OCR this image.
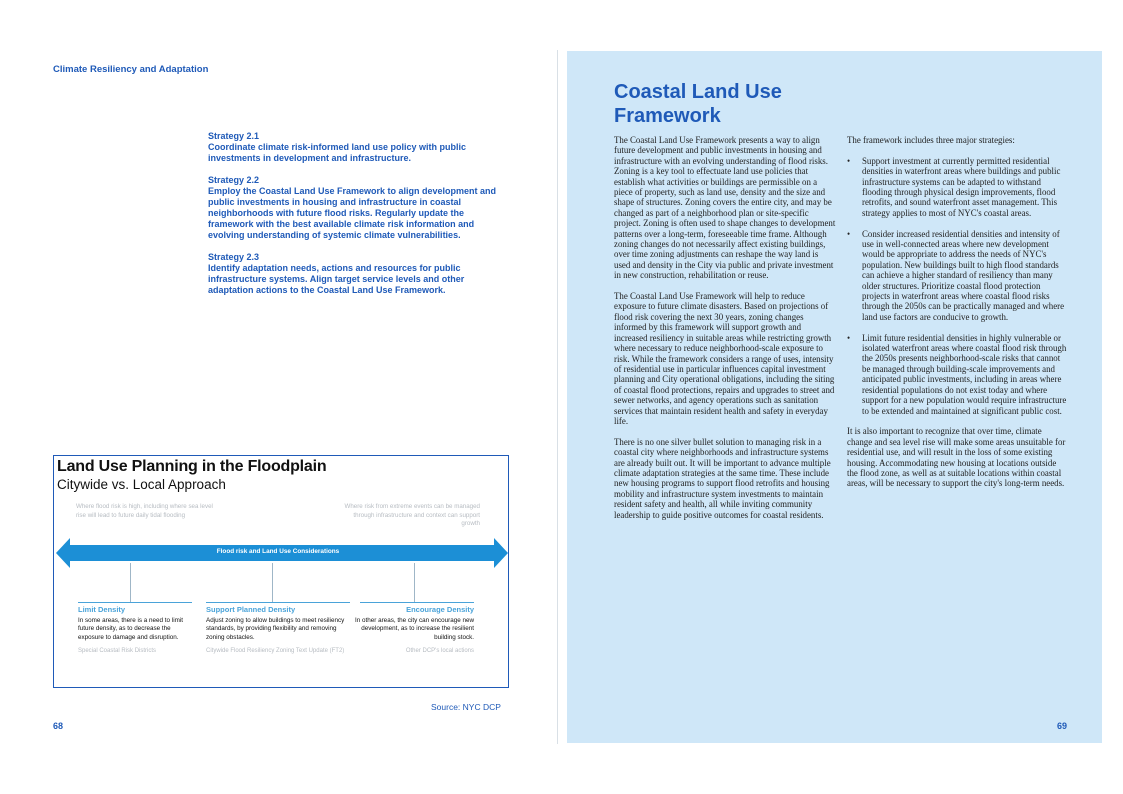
Climate Resiliency and Adaptation
Strategy 2.1
Coordinate climate risk-informed land use policy with public investments in development and infrastructure.
Strategy 2.2
Employ the Coastal Land Use Framework to align development and public investments in housing and infrastructure in coastal neighborhoods with future flood risks. Regularly update the framework with the best available climate risk information and evolving understanding of systemic climate vulnerabilities.
Strategy 2.3
Identify adaptation needs, actions and resources for public infrastructure systems. Align target service levels and other adaptation actions to the Coastal Land Use Framework.
Land Use Planning in the Floodplain
Citywide vs. Local Approach
Where flood risk is high, including where sea level rise will lead to future daily tidal flooding
Where risk from extreme events can be managed through infrastructure and context can support growth
Flood risk and Land Use Considerations
Limit Density
In some areas, there is a need to limit future density, as to decrease the exposure to damage and disruption.
Special Coastal Risk Districts
Support Planned Density
Adjust zoning to allow buildings to meet resiliency standards, by providing flexibility and removing zoning obstacles.
Citywide Flood Resiliency Zoning Text Update (FT2)
Encourage Density
In other areas, the city can encourage new development, as to increase the resilient building stock.
Other DCP's local actions
Source: NYC DCP
68
Coastal Land Use Framework

The Coastal Land Use Framework presents a way to align future development and public investments in housing and infrastructure with an evolving understanding of flood risks. Zoning is a key tool to effectuate land use policies that establish what activities or buildings are permissible on a piece of property, such as land use, density and the size and shape of structures. Zoning covers the entire city, and may be changed as part of a neighborhood plan or site-specific project. Zoning is often used to shape changes to development patterns over a long-term, foreseeable time frame. Although zoning changes do not necessarily affect existing buildings, over time zoning adjustments can reshape the way land is used and density in the City via public and private investment in new construction, rehabilitation or reuse.

The Coastal Land Use Framework will help to reduce exposure to future climate disasters. Based on projections of flood risk covering the next 30 years, zoning changes informed by this framework will support growth and increased resiliency in suitable areas while restricting growth where necessary to reduce neighborhood-scale exposure to risk. While the framework considers a range of uses, intensity of residential use in particular influences capital investment planning and City operational obligations, including the siting of coastal flood protections, repairs and upgrades to street and sewer networks, and agency operations such as sanitation services that maintain resident health and safety in everyday life.

There is no one silver bullet solution to managing risk in a coastal city where neighborhoods and infrastructure systems are already built out. It will be important to advance multiple climate adaptation strategies at the same time. These include new housing programs to support flood retrofits and housing mobility and infrastructure system investments to maintain resident safety and health, all while inviting community leadership to guide positive outcomes for coastal residents.

The framework includes three major strategies:

• Support investment at currently permitted residential densities in waterfront areas where buildings and public infrastructure systems can be adapted to withstand flooding through physical design improvements, flood retrofits, and sound waterfront asset management. This strategy applies to most of NYC's coastal areas.
• Consider increased residential densities and intensity of use in well-connected areas where new development would be appropriate to address the needs of NYC's population. New buildings built to high flood standards can achieve a higher standard of resiliency than many older structures. Prioritize coastal flood protection projects in waterfront areas where coastal flood risks through the 2050s can be practically managed and where land use factors are conducive to growth.
• Limit future residential densities in highly vulnerable or isolated waterfront areas where coastal flood risk through the 2050s presents neighborhood-scale risks that cannot be managed through building-scale improvements and anticipated public investments, including in areas where residential populations do not exist today and where support for a new population would require infrastructure to be extended and maintained at significant public cost.

It is also important to recognize that over time, climate change and sea level rise will make some areas unsuitable for residential use, and will result in the loss of some existing housing. Accommodating new housing at locations outside the flood zone, as well as at suitable locations within coastal areas, will be necessary to support the city's long-term needs.

69
